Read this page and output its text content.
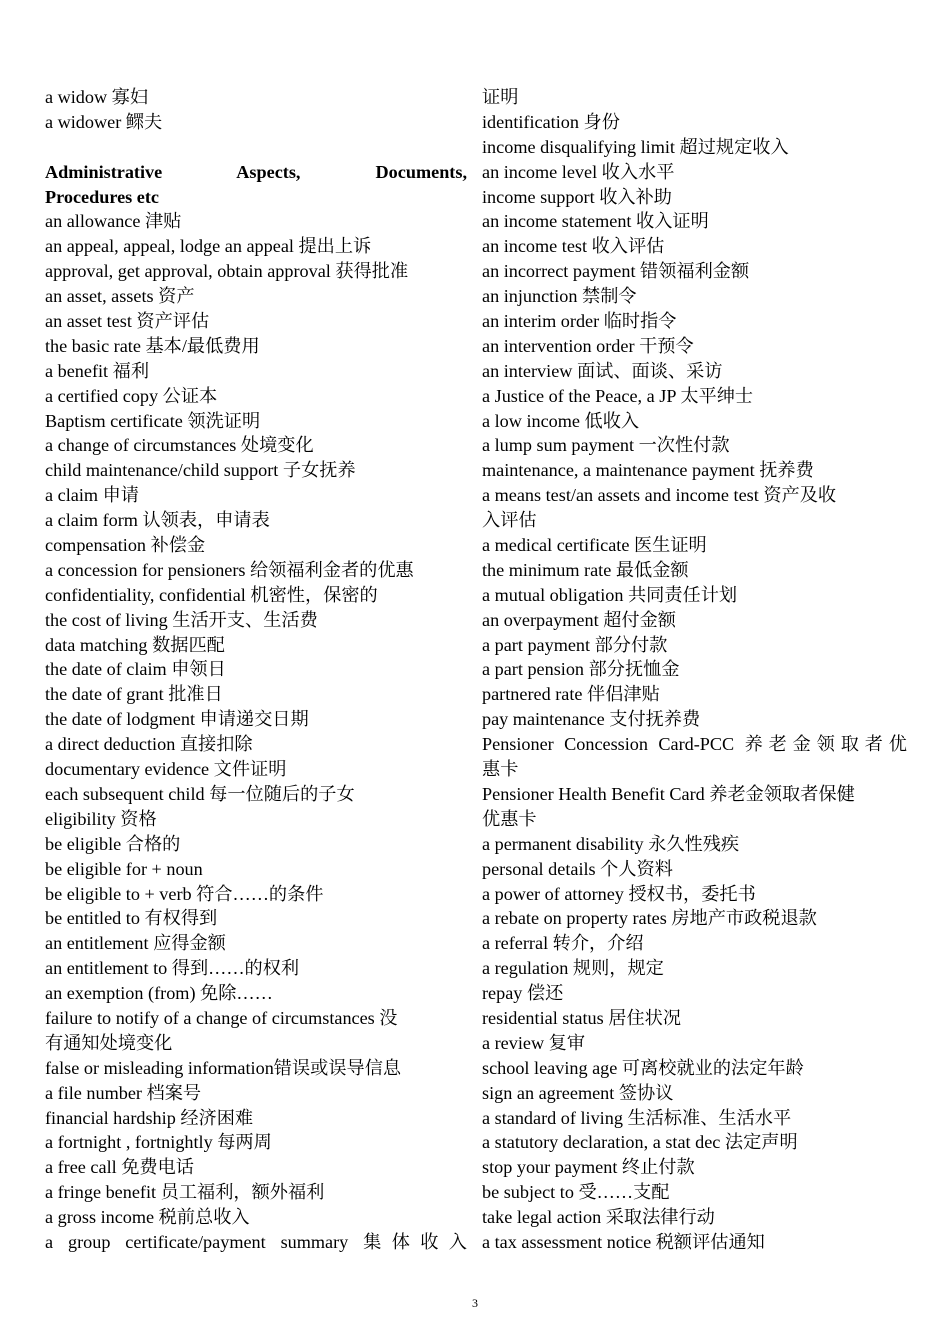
a widow 寡妇
a widower 鳏夫
Administrative Aspects, Documents,
Procedures etc
an allowance 津贴
an appeal, appeal, lodge an appeal 提出上诉
approval, get approval, obtain approval 获得批准
an asset, assets 资产
an asset test 资产评估
the basic rate 基本/最低费用
a benefit 福利
a certified copy 公证本
Baptism certificate 领洗证明
a change of circumstances 处境变化
child maintenance/child support 子女抚养
a claim 申请
a claim form 认领表，申请表
compensation 补偿金
a concession for pensioners 给领福利金者的优惠
confidentiality, confidential 机密性，保密的
the cost of living 生活开支、生活费
data matching 数据匹配
the date of claim 申领日
the date of grant 批准日
the date of lodgment 申请递交日期
a direct deduction 直接扣除
documentary evidence 文件证明
each subsequent child 每一位随后的子女
eligibility 资格
be eligible 合格的
be eligible for + noun
be eligible to + verb 符合……的条件
be entitled to 有权得到
an entitlement 应得金额
an entitlement to 得到……的权利
an exemption (from) 免除……
failure to notify of a change of circumstances 没
有通知处境变化
false or misleading information错误或误导信息
a file number 档案号
financial hardship 经济困难
a fortnight , fortnightly 每两周
a free call 免费电话
a fringe benefit 员工福利，额外福利
a gross income 税前总收入
a group certificate/payment summary 集体收入
证明
identification 身份
income disqualifying limit 超过规定收入
an income level 收入水平
income support 收入补助
an income statement 收入证明
an income test 收入评估
an incorrect payment 错领福利金额
an injunction 禁制令
an interim order 临时指令
an intervention order 干预令
an interview 面试、面谈、采访
a Justice of the Peace, a JP 太平绅士
a low income 低收入
a lump sum payment 一次性付款
maintenance, a maintenance payment 抚养费
a means test/an assets and income test 资产及收
入评估
a medical certificate 医生证明
the minimum rate 最低金额
a mutual obligation 共同责任计划
an overpayment 超付金额
a part payment 部分付款
a part pension 部分抚恤金
partnered rate 伴侣津贴
pay maintenance 支付抚养费
Pensioner Concession Card-PCC 养老金领取者优
惠卡
Pensioner Health Benefit Card 养老金领取者保健
优惠卡
a permanent disability 永久性残疾
personal details 个人资料
a power of attorney 授权书，委托书
a rebate on property rates 房地产市政税退款
a referral 转介，介绍
a regulation 规则，规定
repay 偿还
residential status 居住状况
a review 复审
school leaving age 可离校就业的法定年龄
sign an agreement 签协议
a standard of living 生活标准、生活水平
a statutory declaration, a stat dec 法定声明
stop your payment 终止付款
be subject to 受……支配
take legal action 采取法律行动
a tax assessment notice 税额评估通知
3
